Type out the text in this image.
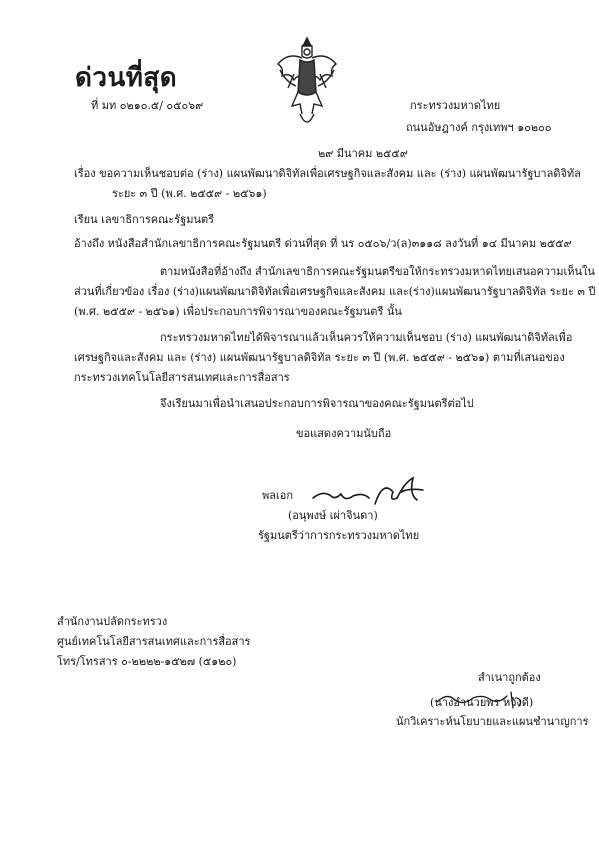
ด่วนที่สุด
ที่ มท ๐๒๑๐.๕/ ๐๕๐๖๙	กระทรวงมหาดไทย
ถนนอัษฎางค์ กรุงเทพฯ ๑๐๒๐๐
๒๙ มีนาคม ๒๕๕๙
เรื่อง ขอความเห็นชอบต่อ (ร่าง) แผนพัฒนาดิจิทัลเพื่อเศรษฐกิจและสังคม และ (ร่าง) แผนพัฒนารัฐบาลดิจิทัล
ระยะ ๓ ปี (พ.ศ. ๒๕๕๙ - ๒๕๖๑)
เรียน เลขาธิการคณะรัฐมนตรี
อ้างถึง หนังสือสำนักเลขาธิการคณะรัฐมนตรี ด่วนที่สุด ที่ นร ๐๕๐๖/ว(ล)๓๑๑๘ ลงวันที่ ๑๔ มีนาคม ๒๕๕๙
ตามหนังสือที่อ้างถึง สำนักเลขาธิการคณะรัฐมนตรีขอให้กระทรวงมหาดไทยเสนอความเห็นใน
ส่วนที่เกี่ยวข้อง เรื่อง (ร่าง)แผนพัฒนาดิจิทัลเพื่อเศรษฐกิจและสังคม และ(ร่าง)แผนพัฒนารัฐบาลดิจิทัล ระยะ ๓ ปี
(พ.ศ. ๒๕๕๙ - ๒๕๖๑) เพื่อประกอบการพิจารณาของคณะรัฐมนตรี นั้น
กระทรวงมหาดไทยได้พิจารณาแล้วเห็นควรให้ความเห็นชอบ (ร่าง) แผนพัฒนาดิจิทัลเพื่อ
เศรษฐกิจและสังคม และ (ร่าง) แผนพัฒนารัฐบาลดิจิทัล ระยะ ๓ ปี (พ.ศ. ๒๕๕๙ - ๒๕๖๑) ตามที่เสนอของ
กระทรวงเทคโนโลยีสารสนเทศและการสื่อสาร
จึงเรียนมาเพื่อนำเสนอประกอบการพิจารณาของคณะรัฐมนตรีต่อไป
ขอแสดงความนับถือ
พลเอก
(อนุพงษ์ เผ่าจินดา)
รัฐมนตรีว่าการกระทรวงมหาดไทย
สำนักงานปลัดกระทรวง
ศูนย์เทคโนโลยีสารสนเทศและการสื่อสาร
โทร/โทรสาร ๐-๒๒๒๒-๑๕๒๗ (๕๑๒๐)
สำเนาถูกต้อง
(นางอำนวยพร หวังดี)
นักวิเคราะห์นโยบายและแผนชำนาญการ
